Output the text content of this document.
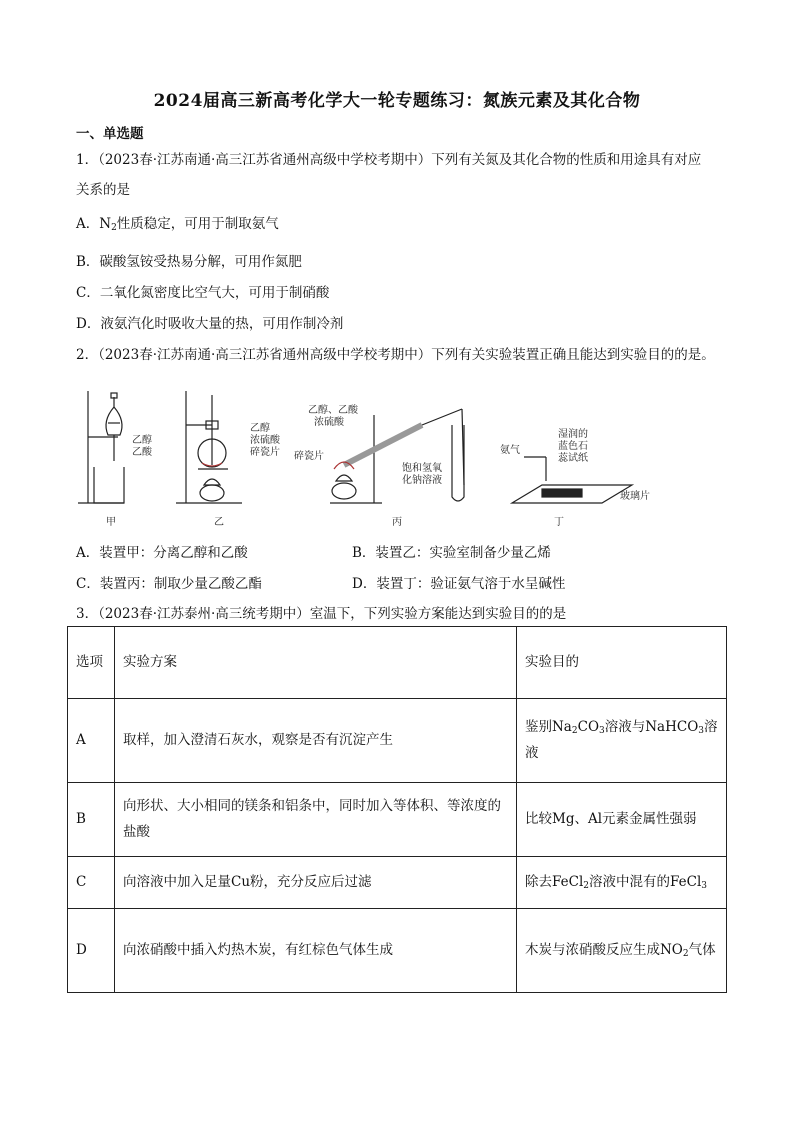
2024届高三新高考化学大一轮专题练习：氮族元素及其化合物
一、单选题
1．（2023春·江苏南通·高三江苏省通州高级中学校考期中）下列有关氮及其化合物的性质和用途具有对应
关系的是
A．$N_2$性质稳定，可用于制取氨气
B．碳酸氢铵受热易分解，可用作氮肥
C．二氧化氮密度比空气大，可用于制硝酸
D．液氨汽化时吸收大量的热，可用作制冷剂
2．（2023春·江苏南通·高三江苏省通州高级中学校考期中）下列有关实验装置正确且能达到实验目的的是。
乙醇
乙酸
甲
乙醇
浓硫酸
碎瓷片
乙
乙醇、乙酸
浓硫酸
碎瓷片
饱和氢氧
化钠溶液
丙
氨气
湿润的
蓝色石
蕊试纸
玻璃片
丁
A．装置甲：分离乙醇和乙酸	B．装置乙：实验室制备少量乙烯
C．装置丙：制取少量乙酸乙酯	D．装置丁：验证氨气溶于水呈碱性
3．（2023春·江苏泰州·高三统考期中）室温下，下列实验方案能达到实验目的的是
选项	实验方案	实验目的
A	取样，加入澄清石灰水，观察是否有沉淀产生	鉴别$Na_2CO_3$溶液与NaHCO$_3$溶液
B	向形状、大小相同的镁条和铝条中，同时加入等体积、等浓度的盐酸	比较Mg、Al元素金属性强弱
C	向溶液中加入足量Cu粉，充分反应后过滤	除去FeCl$_2$溶液中混有的FeCl$_3$
D	向浓硝酸中插入灼热木炭，有红棕色气体生成	木炭与浓硝酸反应生成$NO_2$气体
